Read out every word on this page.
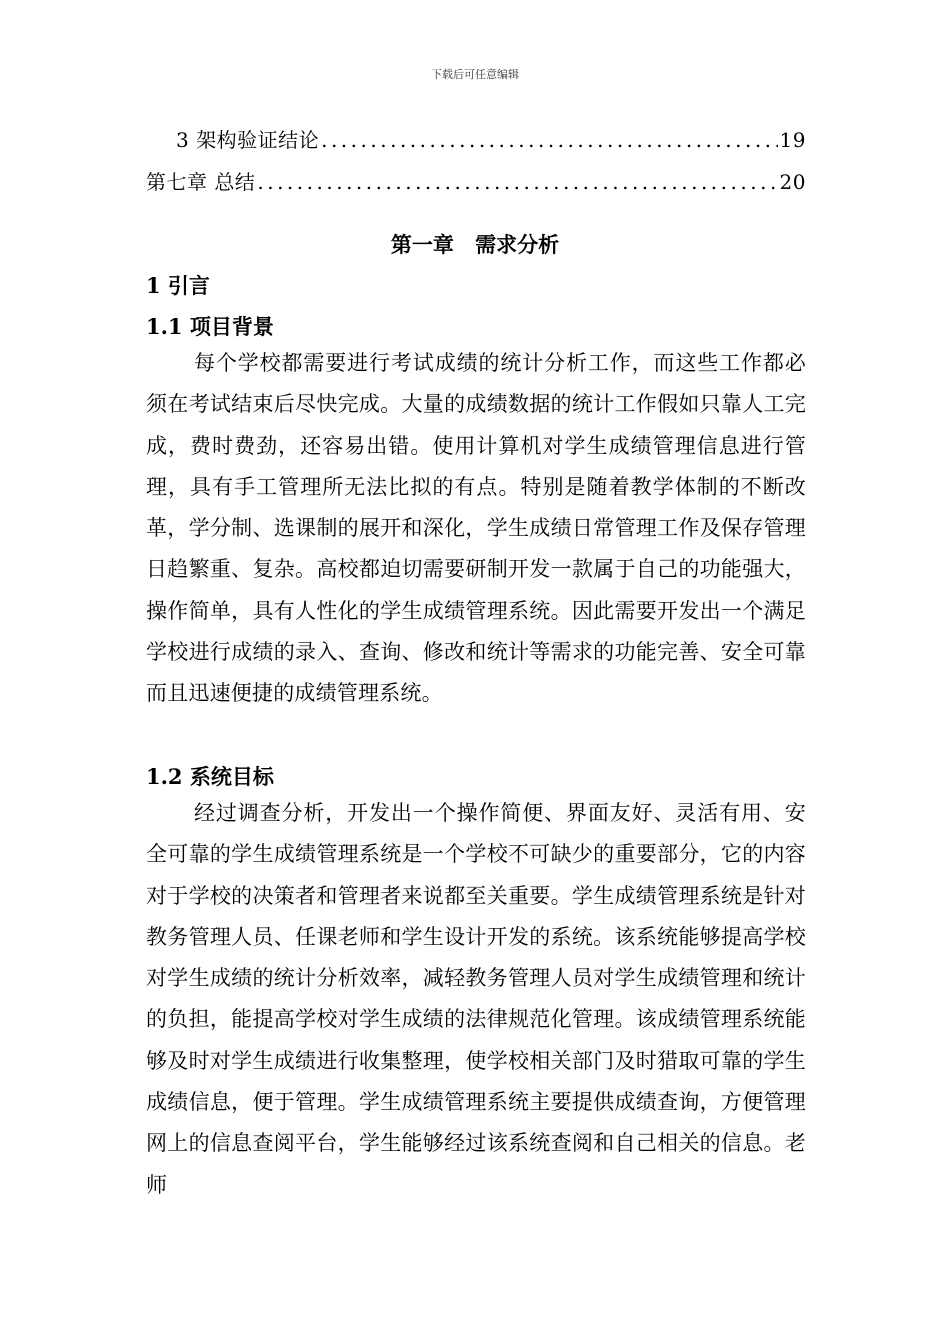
下载后可任意编辑
3 架构验证结论 .....	19
第七章 总结 .....	20
第一章 需求分析
1 引言
1.1 项目背景
每个学校都需要进行考试成绩的统计分析工作，而这些工作都必须在考试结束后尽快完成。大量的成绩数据的统计工作假如只靠人工完成，费时费劲，还容易出错。使用计算机对学生成绩管理信息进行管理，具有手工管理所无法比拟的有点。特别是随着教学体制的不断改革，学分制、选课制的展开和深化，学生成绩日常管理工作及保存管理日趋繁重、复杂。高校都迫切需要研制开发一款属于自己的功能强大，操作简单，具有人性化的学生成绩管理系统。因此需要开发出一个满足学校进行成绩的录入、查询、修改和统计等需求的功能完善、安全可靠而且迅速便捷的成绩管理系统。
1.2 系统目标
经过调查分析，开发出一个操作简便、界面友好、灵活有用、安全可靠的学生成绩管理系统是一个学校不可缺少的重要部分，它的内容对于学校的决策者和管理者来说都至关重要。学生成绩管理系统是针对教务管理人员、任课老师和学生设计开发的系统。该系统能够提高学校对学生成绩的统计分析效率，减轻教务管理人员对学生成绩管理和统计的负担，能提高学校对学生成绩的法律规范化管理。该成绩管理系统能够及时对学生成绩进行收集整理，使学校相关部门及时猎取可靠的学生成绩信息，便于管理。学生成绩管理系统主要提供成绩查询，方便管理网上的信息查阅平台，学生能够经过该系统查阅和自己相关的信息。老师
